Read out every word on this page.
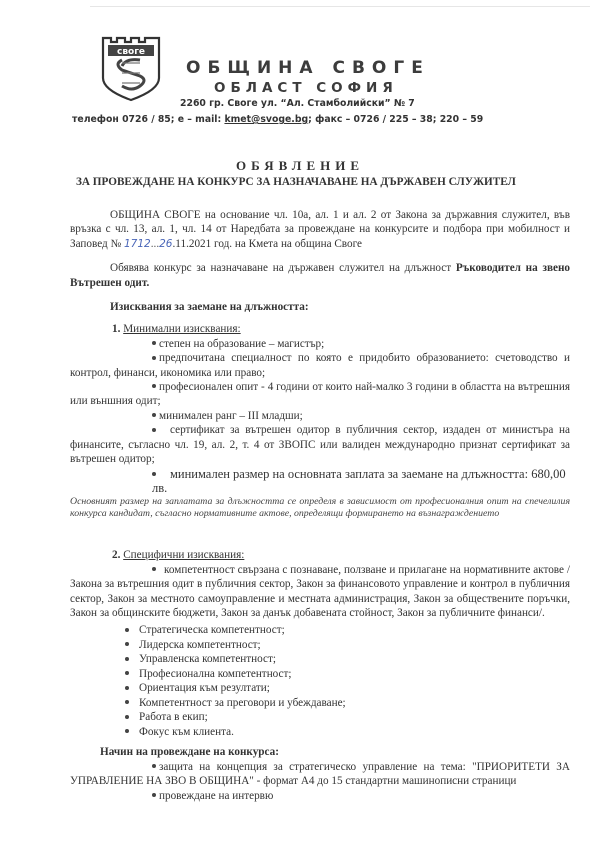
своге
ОБЩИНА СВОГЕ
ОБЛАСТ СОФИЯ
2260 гр. Своге ул. “Ал. Стамболийски” № 7
телефон 0726 / 85; e – mail: kmet@svoge.bg; факс – 0726 / 225 – 38; 220 – 59
ОБЯВЛЕНИЕ
ЗА ПРОВЕЖДАНЕ НА КОНКУРС ЗА НАЗНАЧАВАНЕ НА ДЪРЖАВЕН СЛУЖИТЕЛ

ОБЩИНА СВОГЕ на основание чл. 10а, ал. 1 и ал. 2 от Закона за държавния служител, във връзка с чл. 13, ал. 1, чл. 14 от Наредбата за провеждане на конкурсите и подбора при мобилност и Заповед № 1712...26.11.2021 год. на Кмета на община Своге

Обявява конкурс за назначаване на държавен служител на длъжност Ръководител на звено Вътрешен одит.

Изисквания за заемане на длъжността:
1. Минимални изисквания:
степен на образование – магистър;
предпочитана специалност по която е придобито образованието: счетоводство и контрол, финанси, икономика или право;
професионален опит - 4 години от които най-малко 3 години в областта на вътрешния или външния одит;
минимален ранг – III младши;
сертификат за вътрешен одитор в публичния сектор, издаден от министъра на финансите, съгласно чл. 19, ал. 2, т. 4 от ЗВОПС или валиден международно признат сертификат за вътрешен одитор;
минимален размер на основната заплата за заемане на длъжността: 680,00 лв.
Основният размер на заплатата за длъжността се определя в зависимост от професионалния опит на спечелилия конкурса кандидат, съгласно нормативните актове, определящи формирането на възнаграждението
2. Специфични изисквания:
компетентност свързана с познаване, ползване и прилагане на нормативните актове /Закона за вътрешния одит в публичния сектор, Закон за финансовото управление и контрол в публичния сектор, Закон за местното самоуправление и местната администрация, Закон за обществените поръчки, Закон за общинските бюджети, Закон за данък добавената стойност, Закон за публичните финанси/.
Стратегическа компетентност;
Лидерска компетентност;
Управленска компетентност;
Професионална компетентност;
Ориентация към резултати;
Компетентност за преговори и убеждаване;
Работа в екип;
Фокус към клиента.
Начин на провеждане на конкурса:
защита на концепция за стратегическо управление на тема: "ПРИОРИТЕТИ ЗА УПРАВЛЕНИЕ НА ЗВО В ОБЩИНА" - формат А4 до 15 стандартни машинописни страници
провеждане на интервю
